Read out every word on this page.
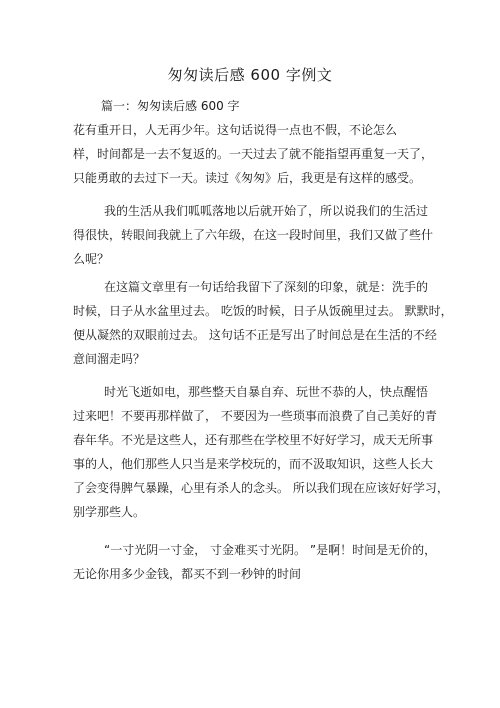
匆匆读后感 600 字例文
篇一：匆匆读后感 600 字
花有重开日，人无再少年。这句话说得一点也不假，不论怎么
样，时间都是一去不复返的。一天过去了就不能指望再重复一天了，
只能勇敢的去过下一天。读过《匆匆》后，我更是有这样的感受。
我的生活从我们呱呱落地以后就开始了，所以说我们的生活过
得很快，转眼间我就上了六年级，在这一段时间里，我们又做了些什
么呢？
在这篇文章里有一句话给我留下了深刻的印象，就是：洗手的
时候，日子从水盆里过去。 吃饭的时候，日子从饭碗里过去。 默默时，
便从凝然的双眼前过去。 这句话不正是写出了时间总是在生活的不经
意间溜走吗？
时光飞逝如电，那些整天自暴自弃、玩世不恭的人，快点醒悟
过来吧！不要再那样做了， 不要因为一些琐事而浪费了自己美好的青
春年华。不光是这些人，还有那些在学校里不好好学习，成天无所事
事的人，他们那些人只当是来学校玩的，而不汲取知识，这些人长大
了会变得脾气暴躁，心里有杀人的念头。 所以我们现在应该好好学习，
别学那些人。
“一寸光阴一寸金， 寸金难买寸光阴。 ”是啊！时间是无价的，
无论你用多少金钱，都买不到一秒钟的时间
